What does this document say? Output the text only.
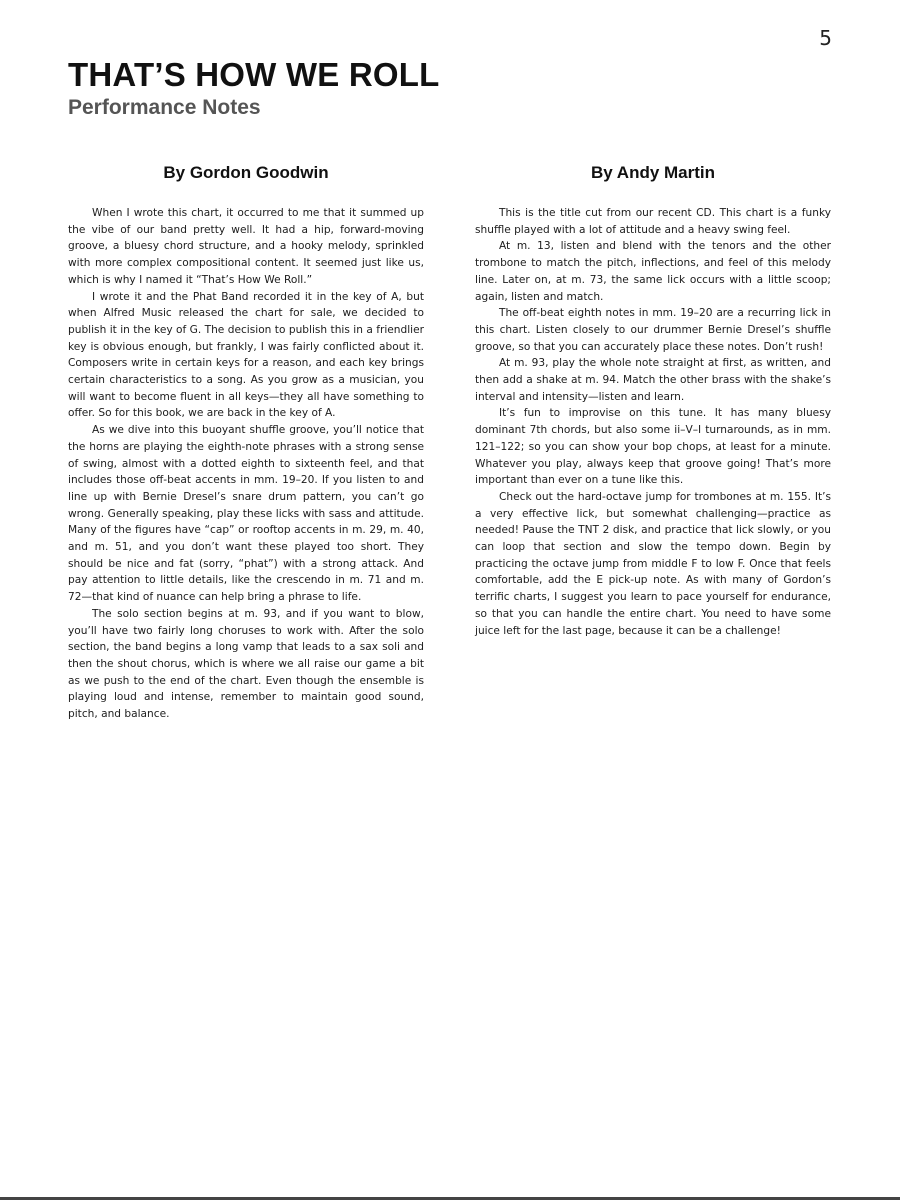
5
THAT’S HOW WE ROLL
Performance Notes
By Gordon Goodwin

When I wrote this chart, it occurred to me that it summed up the vibe of our band pretty well. It had a hip, forward-moving groove, a bluesy chord structure, and a hooky melody, sprinkled with more complex compositional content. It seemed just like us, which is why I named it “That’s How We Roll.”

I wrote it and the Phat Band recorded it in the key of A, but when Alfred Music released the chart for sale, we decided to publish it in the key of G. The decision to publish this in a friendlier key is obvious enough, but frankly, I was fairly conflicted about it. Composers write in certain keys for a reason, and each key brings certain characteristics to a song. As you grow as a musician, you will want to become fluent in all keys—they all have something to offer. So for this book, we are back in the key of A.

As we dive into this buoyant shuffle groove, you’ll notice that the horns are playing the eighth-note phrases with a strong sense of swing, almost with a dotted eighth to sixteenth feel, and that includes those off-beat accents in mm. 19–20. If you listen to and line up with Bernie Dresel’s snare drum pattern, you can’t go wrong. Generally speaking, play these licks with sass and attitude. Many of the figures have “cap” or rooftop accents in m. 29, m. 40, and m. 51, and you don’t want these played too short. They should be nice and fat (sorry, “phat”) with a strong attack. And pay attention to little details, like the crescendo in m. 71 and m. 72—that kind of nuance can help bring a phrase to life.

The solo section begins at m. 93, and if you want to blow, you’ll have two fairly long choruses to work with. After the solo section, the band begins a long vamp that leads to a sax soli and then the shout chorus, which is where we all raise our game a bit as we push to the end of the chart. Even though the ensemble is playing loud and intense, remember to maintain good sound, pitch, and balance.

By Andy Martin

This is the title cut from our recent CD. This chart is a funky shuffle played with a lot of attitude and a heavy swing feel.

At m. 13, listen and blend with the tenors and the other trombone to match the pitch, inflections, and feel of this melody line. Later on, at m. 73, the same lick occurs with a little scoop; again, listen and match.

The off-beat eighth notes in mm. 19–20 are a recurring lick in this chart. Listen closely to our drummer Bernie Dresel’s shuffle groove, so that you can accurately place these notes. Don’t rush!

At m. 93, play the whole note straight at first, as written, and then add a shake at m. 94. Match the other brass with the shake’s interval and intensity—listen and learn.

It’s fun to improvise on this tune. It has many bluesy dominant 7th chords, but also some ii–V–I turnarounds, as in mm. 121–122; so you can show your bop chops, at least for a minute. Whatever you play, always keep that groove going! That’s more important than ever on a tune like this.

Check out the hard-octave jump for trombones at m. 155. It’s a very effective lick, but somewhat challenging—practice as needed! Pause the TNT 2 disk, and practice that lick slowly, or you can loop that section and slow the tempo down. Begin by practicing the octave jump from middle F to low F. Once that feels comfortable, add the E pick-up note. As with many of Gordon’s terrific charts, I suggest you learn to pace yourself for endurance, so that you can handle the entire chart. You need to have some juice left for the last page, because it can be a challenge!
